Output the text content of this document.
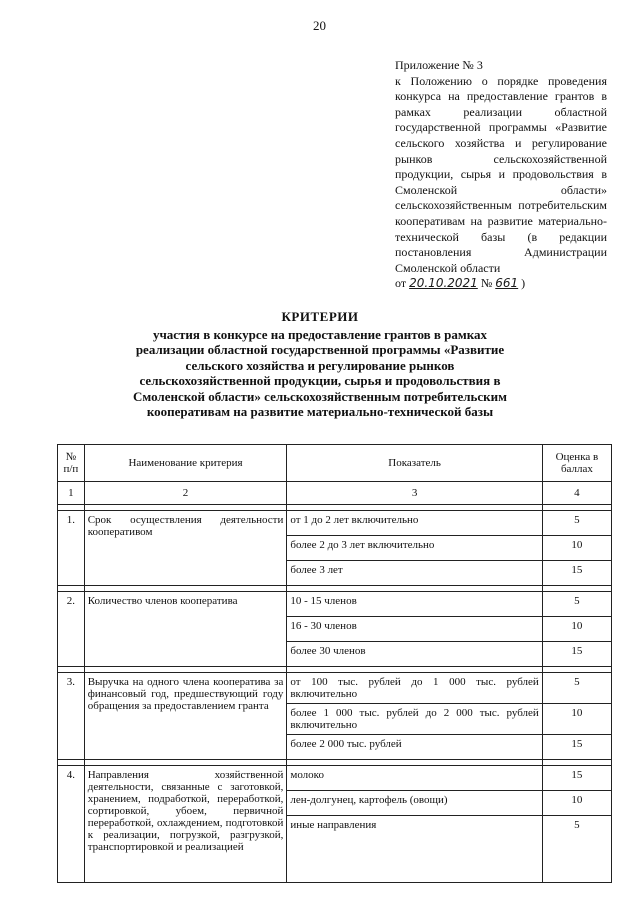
20
Приложение № 3
к Положению о порядке проведения конкурса на предоставление грантов в рамках реализации областной государственной программы «Развитие сельского хозяйства и регулирование рынков сельскохозяйственной продукции, сырья и продовольствия в Смоленской области» сельскохозяйственным потребительским кооперативам на развитие материально-технической базы (в редакции постановления Администрации Смоленской области
от 20.10.2021 № 661 )
КРИТЕРИИ
участия в конкурсе на предоставление грантов в рамках реализации областной государственной программы «Развитие сельского хозяйства и регулирование рынков сельскохозяйственной продукции, сырья и продовольствия в Смоленской области» сельскохозяйственным потребительским кооперативам на развитие материально-технической базы
№ п/п	Наименование критерия	Показатель	Оценка в баллах
1	2	3	4

1.	Срок осуществления деятельности кооперативом	от 1 до 2 лет включительно	5
		более 2 до 3 лет включительно	10
		более 3 лет	15

2.	Количество членов кооператива	10 - 15 членов	5
		16 - 30 членов	10
		более 30 членов	15

3.	Выручка на одного члена кооператива за финансовый год, предшествующий году обращения за предоставлением гранта	от 100 тыс. рублей до 1 000 тыс. рублей включительно	5
		более 1 000 тыс. рублей до 2 000 тыс. рублей включительно	10
		более 2 000 тыс. рублей	15

4.	Направления хозяйственной деятельности, связанные с заготовкой, хранением, подработкой, переработкой, сортировкой, убоем, первичной переработкой, охлаждением, подготовкой к реализации, погрузкой, разгрузкой, транспортировкой и реализацией	молоко	15
		лен-долгунец, картофель (овощи)	10
		иные направления	5
